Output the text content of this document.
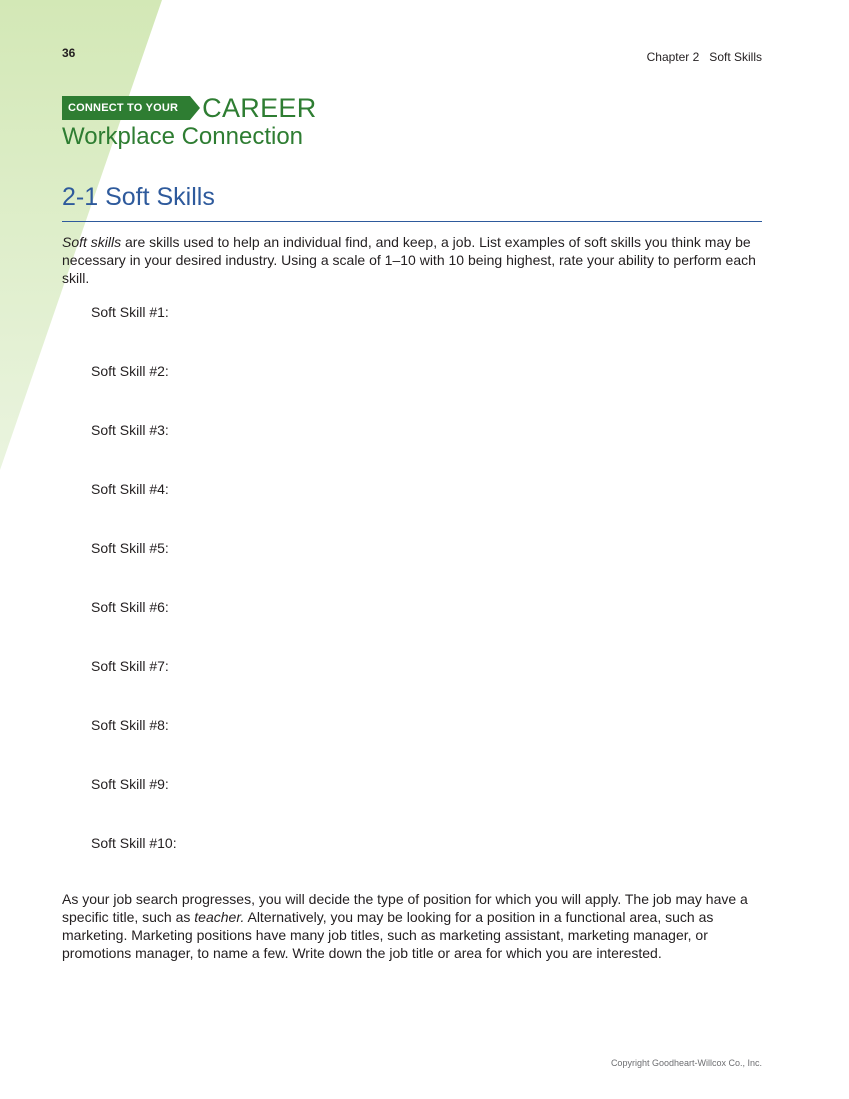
36	Chapter 2   Soft Skills
CONNECT TO YOUR CAREER
Workplace Connection
2-1 Soft Skills

Soft skills are skills used to help an individual find, and keep, a job. List examples of soft skills you think may be necessary in your desired industry. Using a scale of 1–10 with 10 being highest, rate your ability to perform each skill.

Soft Skill #1:
Soft Skill #2:
Soft Skill #3:
Soft Skill #4:
Soft Skill #5:
Soft Skill #6:
Soft Skill #7:
Soft Skill #8:
Soft Skill #9:
Soft Skill #10:

As your job search progresses, you will decide the type of position for which you will apply. The job may have a specific title, such as teacher. Alternatively, you may be looking for a position in a functional area, such as marketing. Marketing positions have many job titles, such as marketing assistant, marketing manager, or promotions manager, to name a few. Write down the job title or area for which you are interested.

Copyright Goodheart-Willcox Co., Inc.
